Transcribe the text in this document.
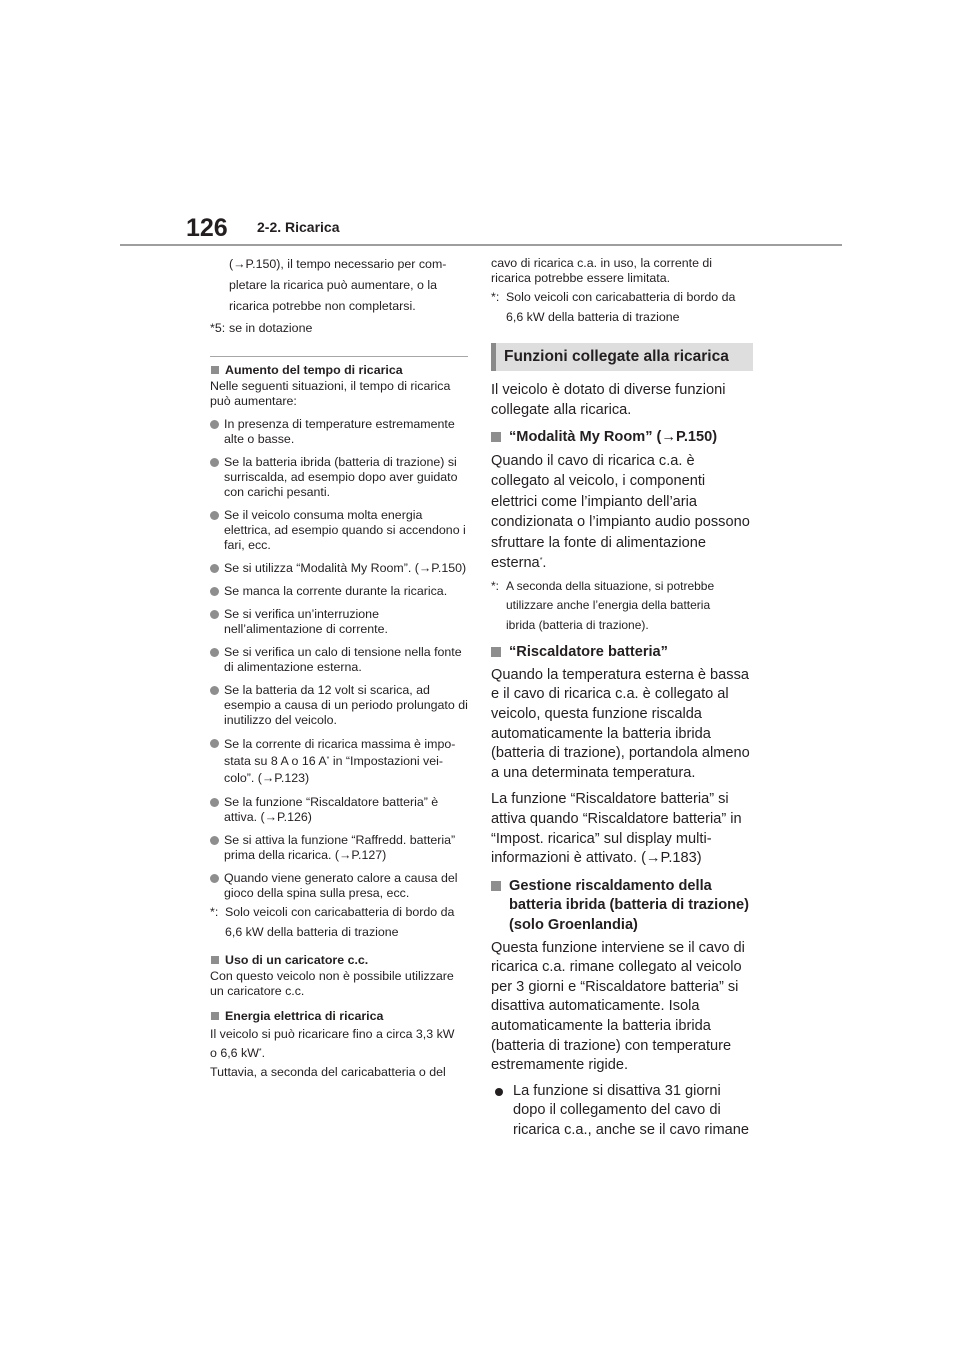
126 2-2. Ricarica
(→P.150), il tempo necessario per com-
pletare la ricarica può aumentare, o la
ricarica potrebbe non completarsi.
*5: se in dotazione
Aumento del tempo di ricarica
Nelle seguenti situazioni, il tempo di ricarica può aumentare:
In presenza di temperature estremamente alte o basse.
Se la batteria ibrida (batteria di trazione) si surriscalda, ad esempio dopo aver guidato con carichi pesanti.
Se il veicolo consuma molta energia elettrica, ad esempio quando si accendono i fari, ecc.
Se si utilizza “Modalità My Room”. (→P.150)
Se manca la corrente durante la ricarica.
Se si verifica un’interruzione nell’alimentazione di corrente.
Se si verifica un calo di tensione nella fonte di alimentazione esterna.
Se la batteria da 12 volt si scarica, ad esempio a causa di un periodo prolungato di inutilizzo del veicolo.
Se la corrente di ricarica massima è impo-
stata su 8 A o 16 A* in “Impostazioni vei-
colo”. (→P.123)
Se la funzione “Riscaldatore batteria” è attiva. (→P.126)
Se si attiva la funzione “Raffredd. batteria” prima della ricarica. (→P.127)
Quando viene generato calore a causa del gioco della spina sulla presa, ecc.
*: Solo veicoli con caricabatteria di bordo da
6,6 kW della batteria di trazione
Uso di un caricatore c.c.
Con questo veicolo non è possibile utilizzare un caricatore c.c.
Energia elettrica di ricarica
Il veicolo si può ricaricare fino a circa 3,3 kW
o 6,6 kW*.
Tuttavia, a seconda del caricabatteria o del
cavo di ricarica c.a. in uso, la corrente di ricarica potrebbe essere limitata.
*: Solo veicoli con caricabatteria di bordo da
6,6 kW della batteria di trazione
Funzioni collegate alla ricarica
Il veicolo è dotato di diverse funzioni collegate alla ricarica.
“Modalità My Room” (→P.150)
Quando il cavo di ricarica c.a. è collegato al veicolo, i componenti elettrici come l’impianto dell’aria condizionata o l’impianto audio possono sfruttare la fonte di alimentazione esterna*.
*: A seconda della situazione, si potrebbe
utilizzare anche l’energia della batteria
ibrida (batteria di trazione).
“Riscaldatore batteria”
Quando la temperatura esterna è bassa e il cavo di ricarica c.a. è collegato al veicolo, questa funzione riscalda automaticamente la batteria ibrida (batteria di trazione), portandola almeno a una determinata temperatura.
La funzione “Riscaldatore batteria” si attiva quando “Riscaldatore batteria” in “Impost. ricarica” sul display multi-informazioni è attivato. (→P.183)
Gestione riscaldamento della batteria ibrida (batteria di trazione) (solo Groenlandia)
Questa funzione interviene se il cavo di ricarica c.a. rimane collegato al veicolo per 3 giorni e “Riscaldatore batteria” si disattiva automaticamente. Isola automaticamente la batteria ibrida (batteria di trazione) con temperature estremamente rigide.
La funzione si disattiva 31 giorni dopo il collegamento del cavo di ricarica c.a., anche se il cavo rimane
